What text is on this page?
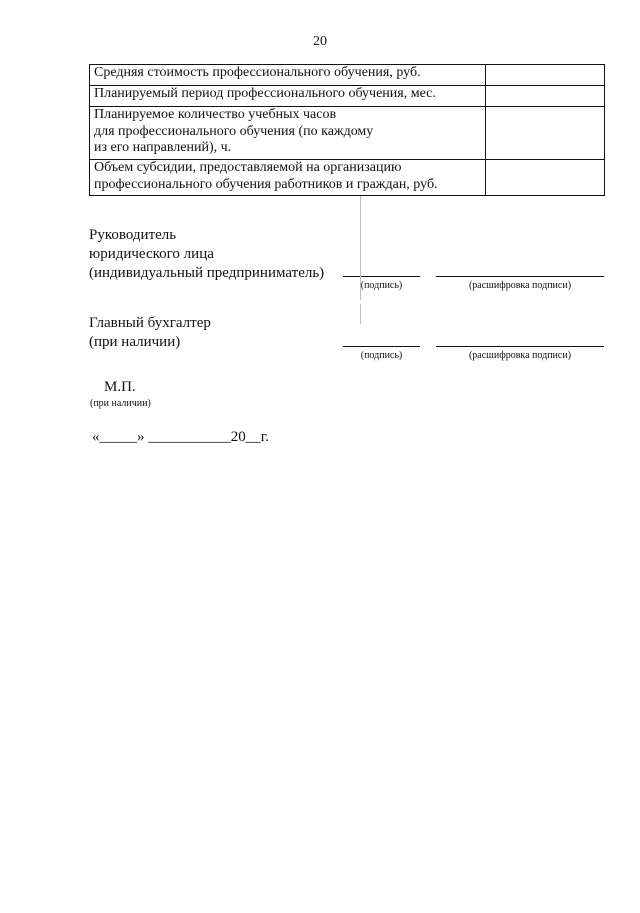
20
Средняя стоимость профессионального обучения, руб.	

Планируемый период профессионального обучения, мес.	

Планируемое количество учебных часов
для профессионального обучения (по каждому
из его направлений), ч.	

Объем субсидии, предоставляемой на организацию
профессионального обучения работников и граждан, руб.	

Руководитель
юридического лица
(индивидуальный предприниматель)
(подпись)	(расшифровка подписи)
Главный бухгалтер
(при наличии)
(подпись)	(расшифровка подписи)
М.П.
(при наличии)
«_____» ___________20__г.
